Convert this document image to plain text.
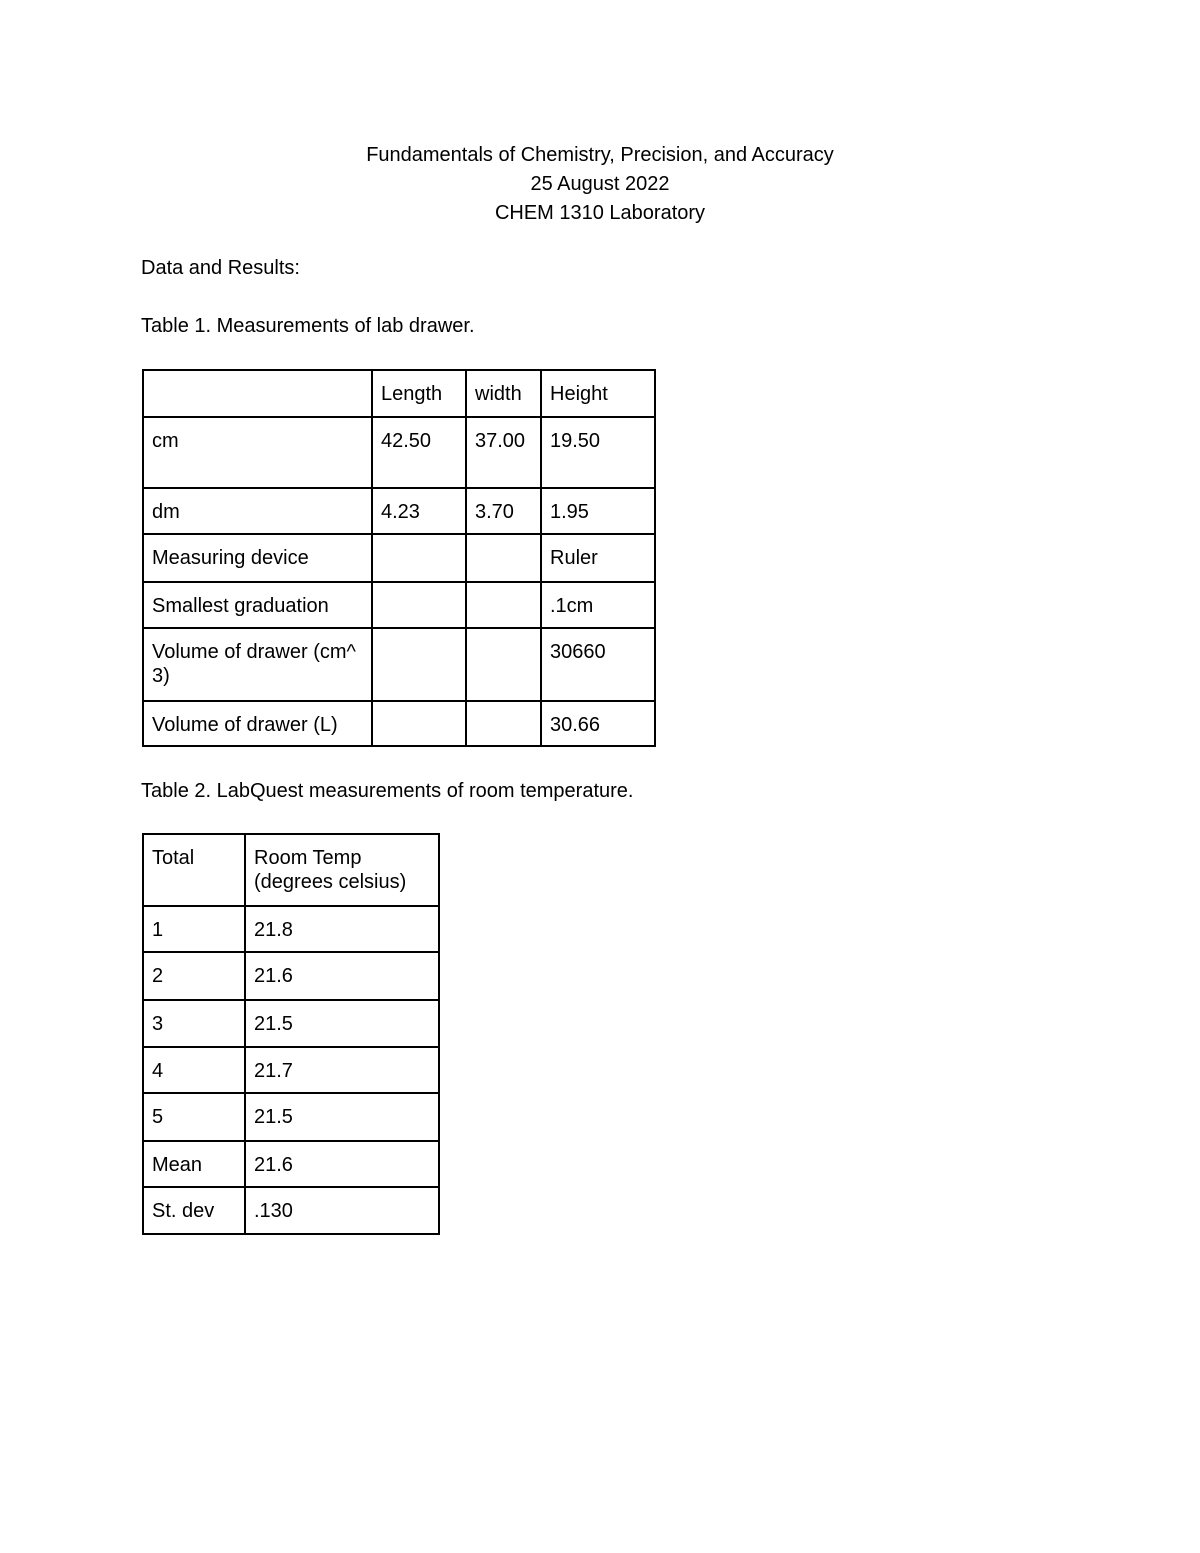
Fundamentals of Chemistry, Precision, and Accuracy
25 August 2022
CHEM 1310 Laboratory
Data and Results:
Table 1. Measurements of lab drawer.
	Length	width	Height
cm	42.50	37.00	19.50
dm	4.23	3.70	1.95
Measuring device			Ruler
Smallest graduation			.1cm
Volume of drawer (cm^3)			30660
Volume of drawer (L)			30.66
Table 2. LabQuest measurements of room temperature.
Total	Room Temp (degrees celsius)
1	21.8
2	21.6
3	21.5
4	21.7
5	21.5
Mean	21.6
St. dev	.130
